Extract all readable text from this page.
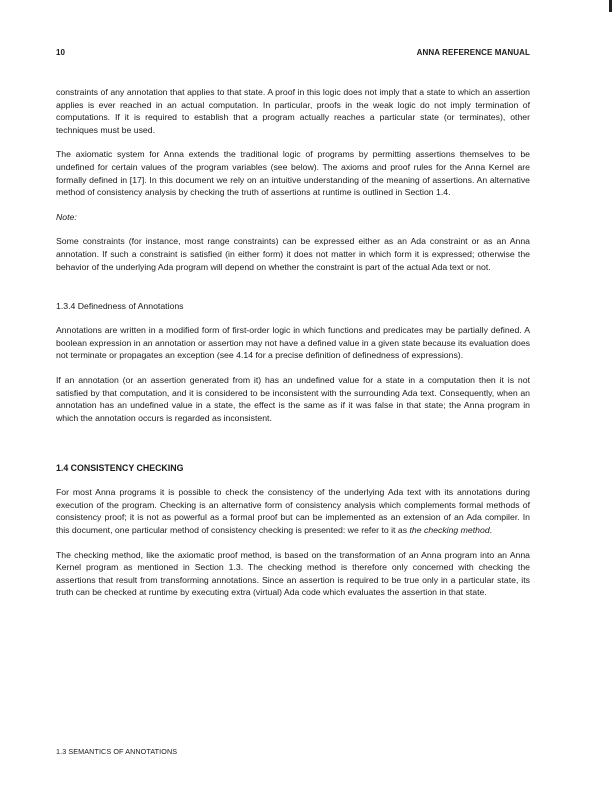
10	ANNA REFERENCE MANUAL

constraints of any annotation that applies to that state. A proof in this logic does not imply that a state to which an assertion applies is ever reached in an actual computation. In particular, proofs in the weak logic do not imply termination of computations. If it is required to establish that a program actually reaches a particular state (or terminates), other techniques must be used.

The axiomatic system for Anna extends the traditional logic of programs by permitting assertions themselves to be undefined for certain values of the program variables (see below). The axioms and proof rules for the Anna Kernel are formally defined in [17]. In this document we rely on an intuitive understanding of the meaning of assertions. An alternative method of consistency analysis by checking the truth of assertions at runtime is outlined in Section 1.4.

Note:

Some constraints (for instance, most range constraints) can be expressed either as an Ada constraint or as an Anna annotation. If such a constraint is satisfied (in either form) it does not matter in which form it is expressed; otherwise the behavior of the underlying Ada program will depend on whether the constraint is part of the actual Ada text or not.

1.3.4 Definedness of Annotations

Annotations are written in a modified form of first-order logic in which functions and predicates may be partially defined. A boolean expression in an annotation or assertion may not have a defined value in a given state because its evaluation does not terminate or propagates an exception (see 4.14 for a precise definition of definedness of expressions).

If an annotation (or an assertion generated from it) has an undefined value for a state in a computation then it is not satisfied by that computation, and it is considered to be inconsistent with the surrounding Ada text. Consequently, when an annotation has an undefined value in a state, the effect is the same as if it was false in that state; the Anna program in which the annotation occurs is regarded as inconsistent.

1.4 CONSISTENCY CHECKING

For most Anna programs it is possible to check the consistency of the underlying Ada text with its annotations during execution of the program. Checking is an alternative form of consistency analysis which complements formal methods of consistency proof; it is not as powerful as a formal proof but can be implemented as an extension of an Ada compiler. In this document, one particular method of consistency checking is presented: we refer to it as the checking method.

The checking method, like the axiomatic proof method, is based on the transformation of an Anna program into an Anna Kernel program as mentioned in Section 1.3. The checking method is therefore only concerned with checking the assertions that result from transforming annotations. Since an assertion is required to be true only in a particular state, its truth can be checked at runtime by executing extra (virtual) Ada code which evaluates the assertion in that state.

1.3 SEMANTICS OF ANNOTATIONS
